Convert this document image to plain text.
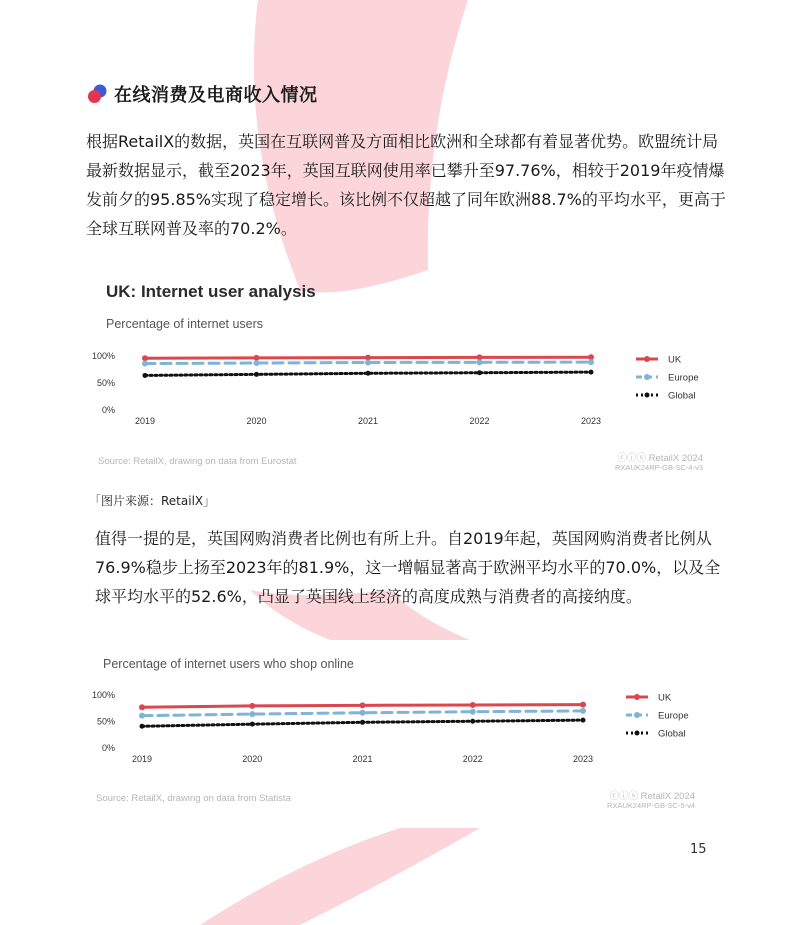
在线消费及电商收入情况

根据RetailX的数据，英国在互联网普及方面相比欧洲和全球都有着显著优势。欧盟统计局最新数据显示，截至2023年，英国互联网使用率已攀升至97.76%，相较于2019年疫情爆发前夕的95.85%实现了稳定增长。该比例不仅超越了同年欧洲88.7%的平均水平，更高于全球互联网普及率的70.2%。

UK: Internet user analysis
Percentage of internet users
100%
50%
0%
2019	2020	2021	2022	2023
UK
Europe
Global
Source: RetailX, drawing on data from Eurostat	ⓒⓘⓢ RetailX 2024
RXAUK24RP-GB-SC-4-v3
「图片来源：RetailX」

值得一提的是，英国网购消费者比例也有所上升。自2019年起，英国网购消费者比例从76.9%稳步上扬至2023年的81.9%，这一增幅显著高于欧洲平均水平的70.0%，以及全球平均水平的52.6%，凸显了英国线上经济的高度成熟与消费者的高接纳度。

Percentage of internet users who shop online
100%
50%
0%
2019	2020	2021	2022	2023
UK
Europe
Global
Source: RetailX, drawing on data from Statista	ⓒⓘⓢ RetailX 2024
RXAUK24RP-GB-SC-5-v4
15
